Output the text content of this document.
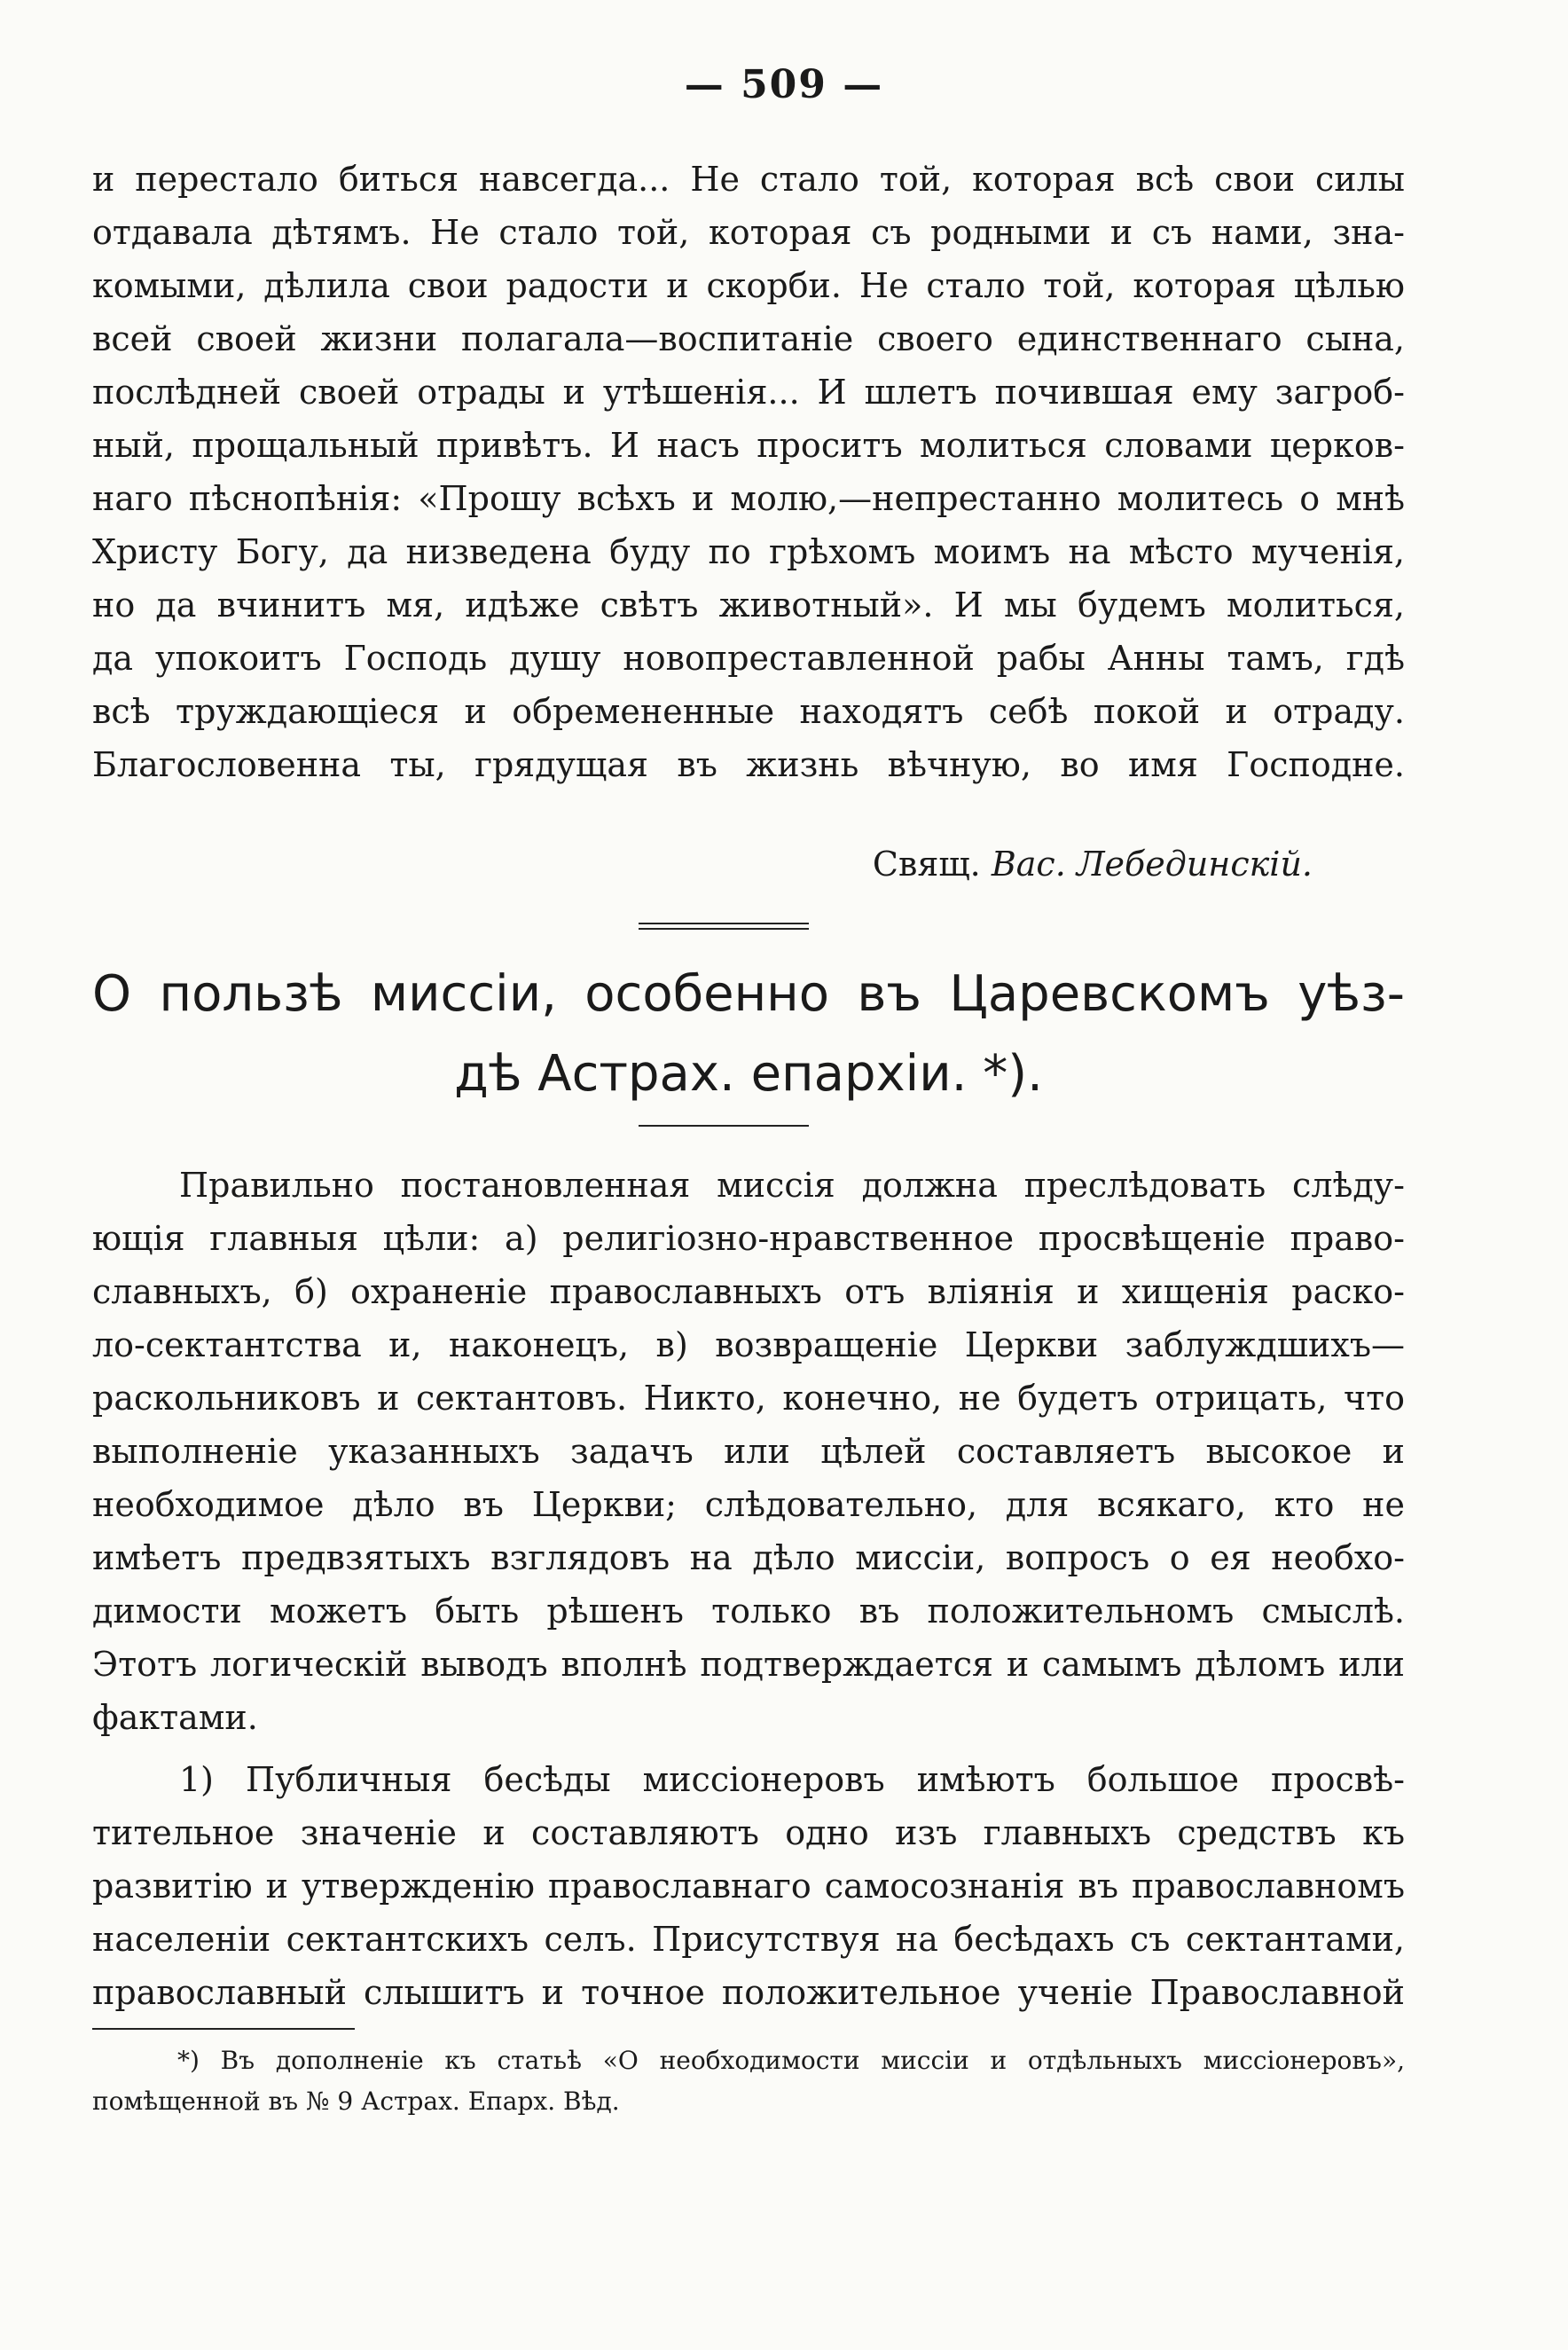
— 509 —
и перестало биться навсегда... Не стало той, которая всѣ свои силы
отдавала дѣтямъ. Не стало той, которая съ родными и съ нами, зна-
комыми, дѣлила свои радости и скорби. Не стало той, которая цѣлью
всей своей жизни полагала—воспитаніе своего единственнаго сына,
послѣдней своей отрады и утѣшенія... И шлетъ почившая ему загроб-
ный, прощальный привѣтъ. И насъ проситъ молиться словами церков-
наго пѣснопѣнія: «Прошу всѣхъ и молю,—непрестанно молитесь о мнѣ
Христу Богу, да низведена буду по грѣхомъ моимъ на мѣсто мученія,
но да вчинитъ мя, идѣже свѣтъ животный». И мы будемъ молиться,
да упокоитъ Господь душу новопреставленной рабы Анны тамъ, гдѣ
всѣ труждающіеся и обремененные находятъ себѣ покой и отраду.
Благословенна ты, грядущая въ жизнь вѣчную, во имя Господне.
Свящ. Вас. Лебединскій.
О пользѣ миссіи, особенно въ Царевскомъ уѣз-
дѣ Астрах. епархіи. *).
Правильно постановленная миссія должна преслѣдовать слѣду-
ющія главныя цѣли: а) религіозно-нравственное просвѣщеніе право-
славныхъ, б) охраненіе православныхъ отъ вліянія и хищенія раско-
ло-сектантства и, наконецъ, в) возвращеніе Церкви заблуждшихъ—
раскольниковъ и сектантовъ. Никто, конечно, не будетъ отрицать, что
выполненіе указанныхъ задачъ или цѣлей составляетъ высокое и
необходимое дѣло въ Церкви; слѣдовательно, для всякаго, кто не
имѣетъ предвзятыхъ взглядовъ на дѣло миссіи, вопросъ о ея необхо-
димости можетъ быть рѣшенъ только въ положительномъ смыслѣ.
Этотъ логическій выводъ вполнѣ подтверждается и самымъ дѣломъ или
фактами.
1) Публичныя бесѣды миссіонеровъ имѣютъ большое просвѣ-
тительное значеніе и составляютъ одно изъ главныхъ средствъ къ
развитію и утвержденію православнаго самосознанія въ православномъ
населеніи сектантскихъ селъ. Присутствуя на бесѣдахъ съ сектантами,
православный слышитъ и точное положительное ученіе Православной
*) Въ дополненіе къ статьѣ «О необходимости миссіи и отдѣльныхъ миссіонеровъ»,
помѣщенной въ № 9 Астрах. Епарх. Вѣд.
